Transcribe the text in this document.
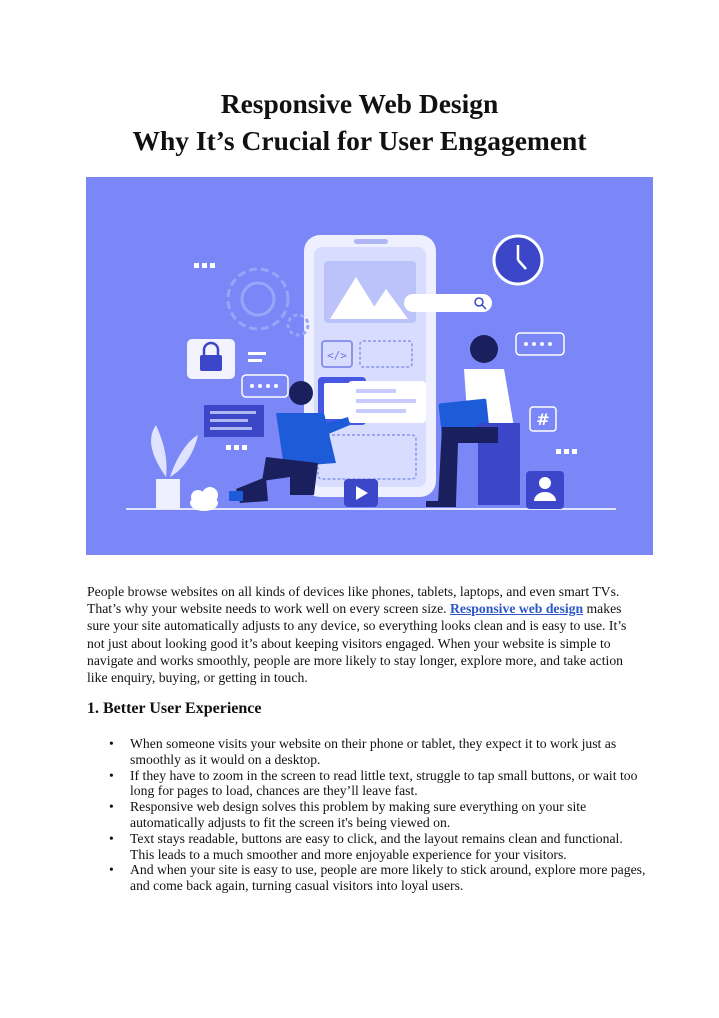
Responsive Web Design
Why It’s Crucial for User Engagement
</>
#

People browse websites on all kinds of devices like phones, tablets, laptops, and even smart TVs. That’s why your website needs to work well on every screen size. Responsive web design makes sure your site automatically adjusts to any device, so everything looks clean and is easy to use. It’s not just about looking good it’s about keeping visitors engaged. When your website is simple to navigate and works smoothly, people are more likely to stay longer, explore more, and take action like enquiry, buying, or getting in touch.

1. Better User Experience
• When someone visits your website on their phone or tablet, they expect it to work just as smoothly as it would on a desktop.
• If they have to zoom in the screen to read little text, struggle to tap small buttons, or wait too long for pages to load, chances are they’ll leave fast.
• Responsive web design solves this problem by making sure everything on your site automatically adjusts to fit the screen it's being viewed on.
• Text stays readable, buttons are easy to click, and the layout remains clean and functional. This leads to a much smoother and more enjoyable experience for your visitors.
• And when your site is easy to use, people are more likely to stick around, explore more pages, and come back again, turning casual visitors into loyal users.
